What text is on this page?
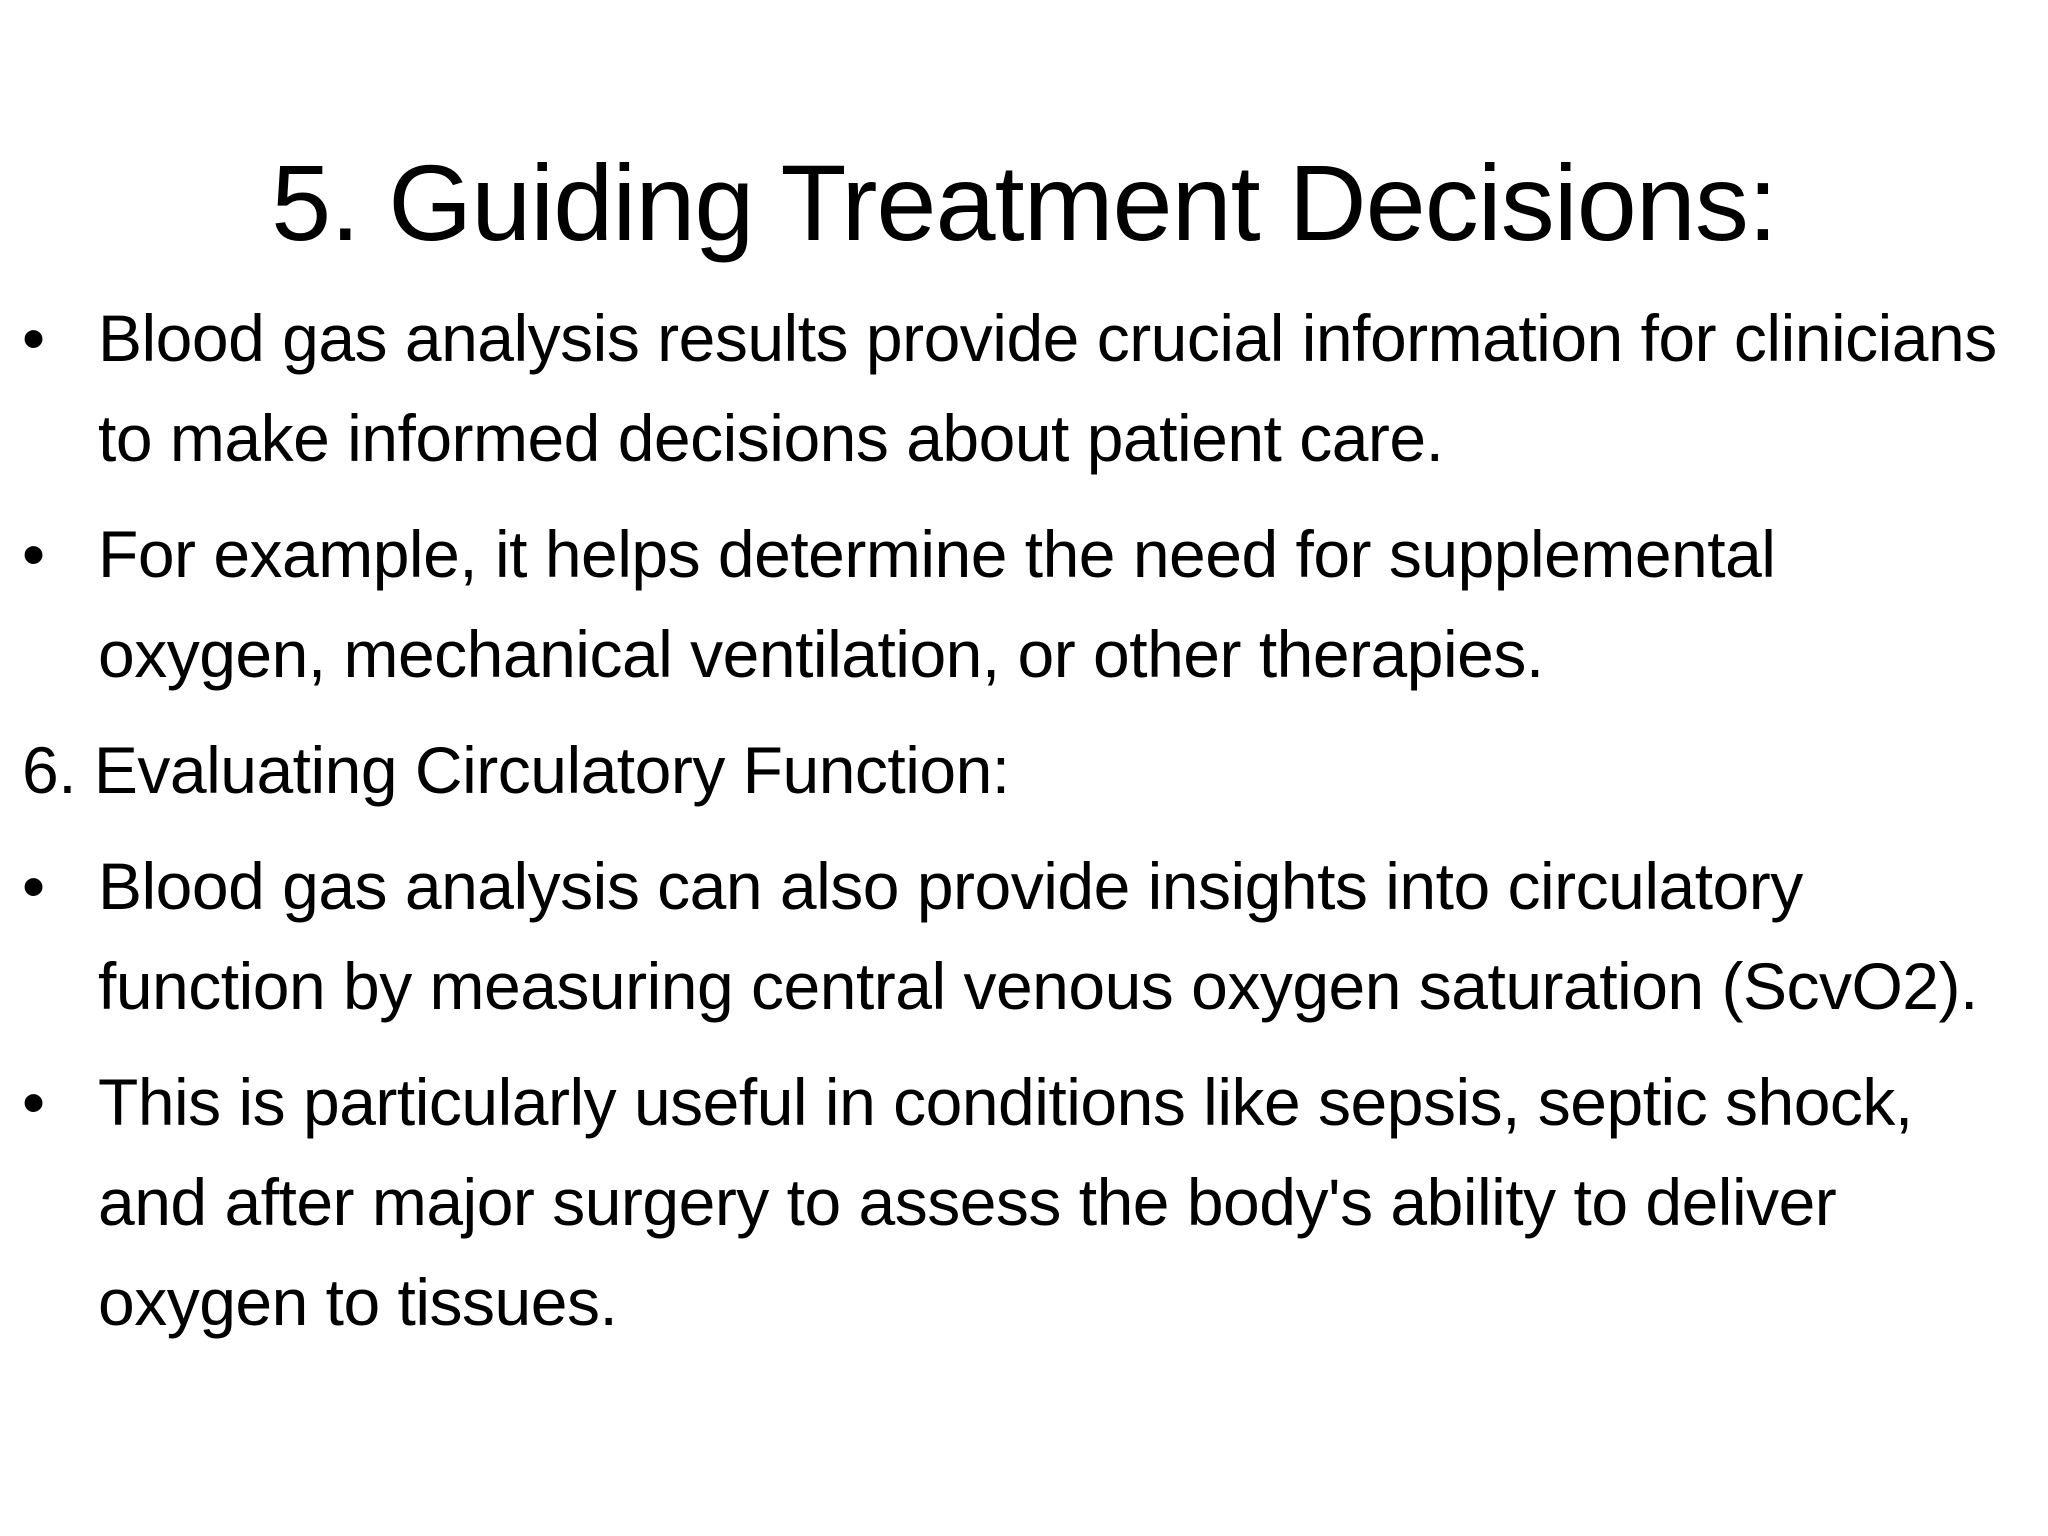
5. Guiding Treatment Decisions:
• Blood gas analysis results provide crucial information for clinicians to make informed decisions about patient care.
• For example, it helps determine the need for supplemental oxygen, mechanical ventilation, or other therapies.
6. Evaluating Circulatory Function:
• Blood gas analysis can also provide insights into circulatory function by measuring central venous oxygen saturation (ScvO2).
• This is particularly useful in conditions like sepsis, septic shock, and after major surgery to assess the body's ability to deliver oxygen to tissues.
